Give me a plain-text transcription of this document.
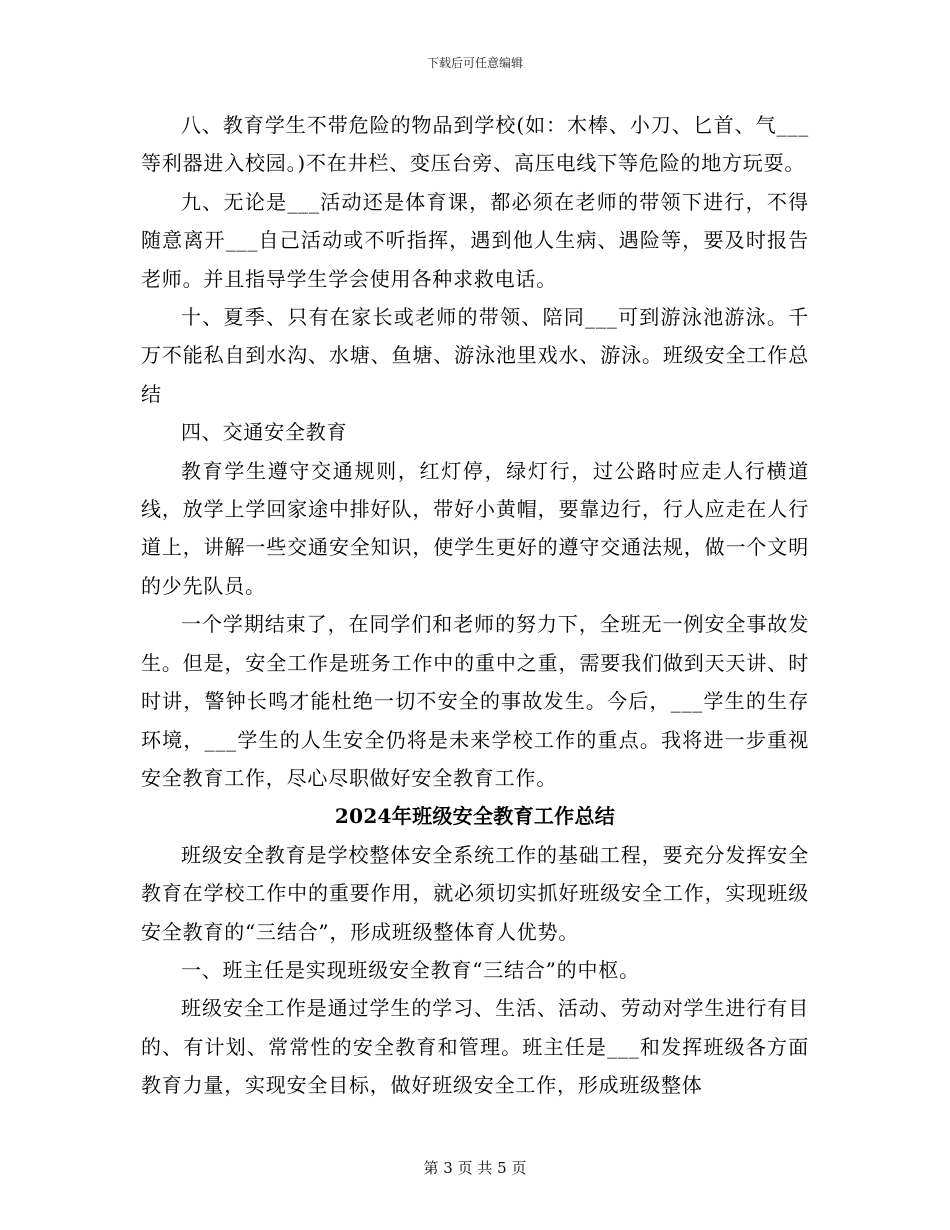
下载后可任意编辑

八、教育学生不带危险的物品到学校(如：木棒、小刀、匕首、气___等利器进入校园。)不在井栏、变压台旁、高压电线下等危险的地方玩耍。

九、无论是___活动还是体育课，都必须在老师的带领下进行，不得随意离开___自己活动或不听指挥，遇到他人生病、遇险等，要及时报告老师。并且指导学生学会使用各种求救电话。

十、夏季、只有在家长或老师的带领、陪同___可到游泳池游泳。千万不能私自到水沟、水塘、鱼塘、游泳池里戏水、游泳。班级安全工作总结

四、交通安全教育

教育学生遵守交通规则，红灯停，绿灯行，过公路时应走人行横道线，放学上学回家途中排好队，带好小黄帽，要靠边行，行人应走在人行道上，讲解一些交通安全知识，使学生更好的遵守交通法规，做一个文明的少先队员。

一个学期结束了，在同学们和老师的努力下，全班无一例安全事故发生。但是，安全工作是班务工作中的重中之重，需要我们做到天天讲、时时讲，警钟长鸣才能杜绝一切不安全的事故发生。今后，___学生的生存环境，___学生的人生安全仍将是未来学校工作的重点。我将进一步重视安全教育工作，尽心尽职做好安全教育工作。

2024年班级安全教育工作总结

班级安全教育是学校整体安全系统工作的基础工程，要充分发挥安全教育在学校工作中的重要作用，就必须切实抓好班级安全工作，实现班级安全教育的“三结合”，形成班级整体育人优势。

一、班主任是实现班级安全教育“三结合”的中枢。

班级安全工作是通过学生的学习、生活、活动、劳动对学生进行有目的、有计划、常常性的安全教育和管理。班主任是___和发挥班级各方面教育力量，实现安全目标，做好班级安全工作，形成班级整体

第 3 页 共 5 页
